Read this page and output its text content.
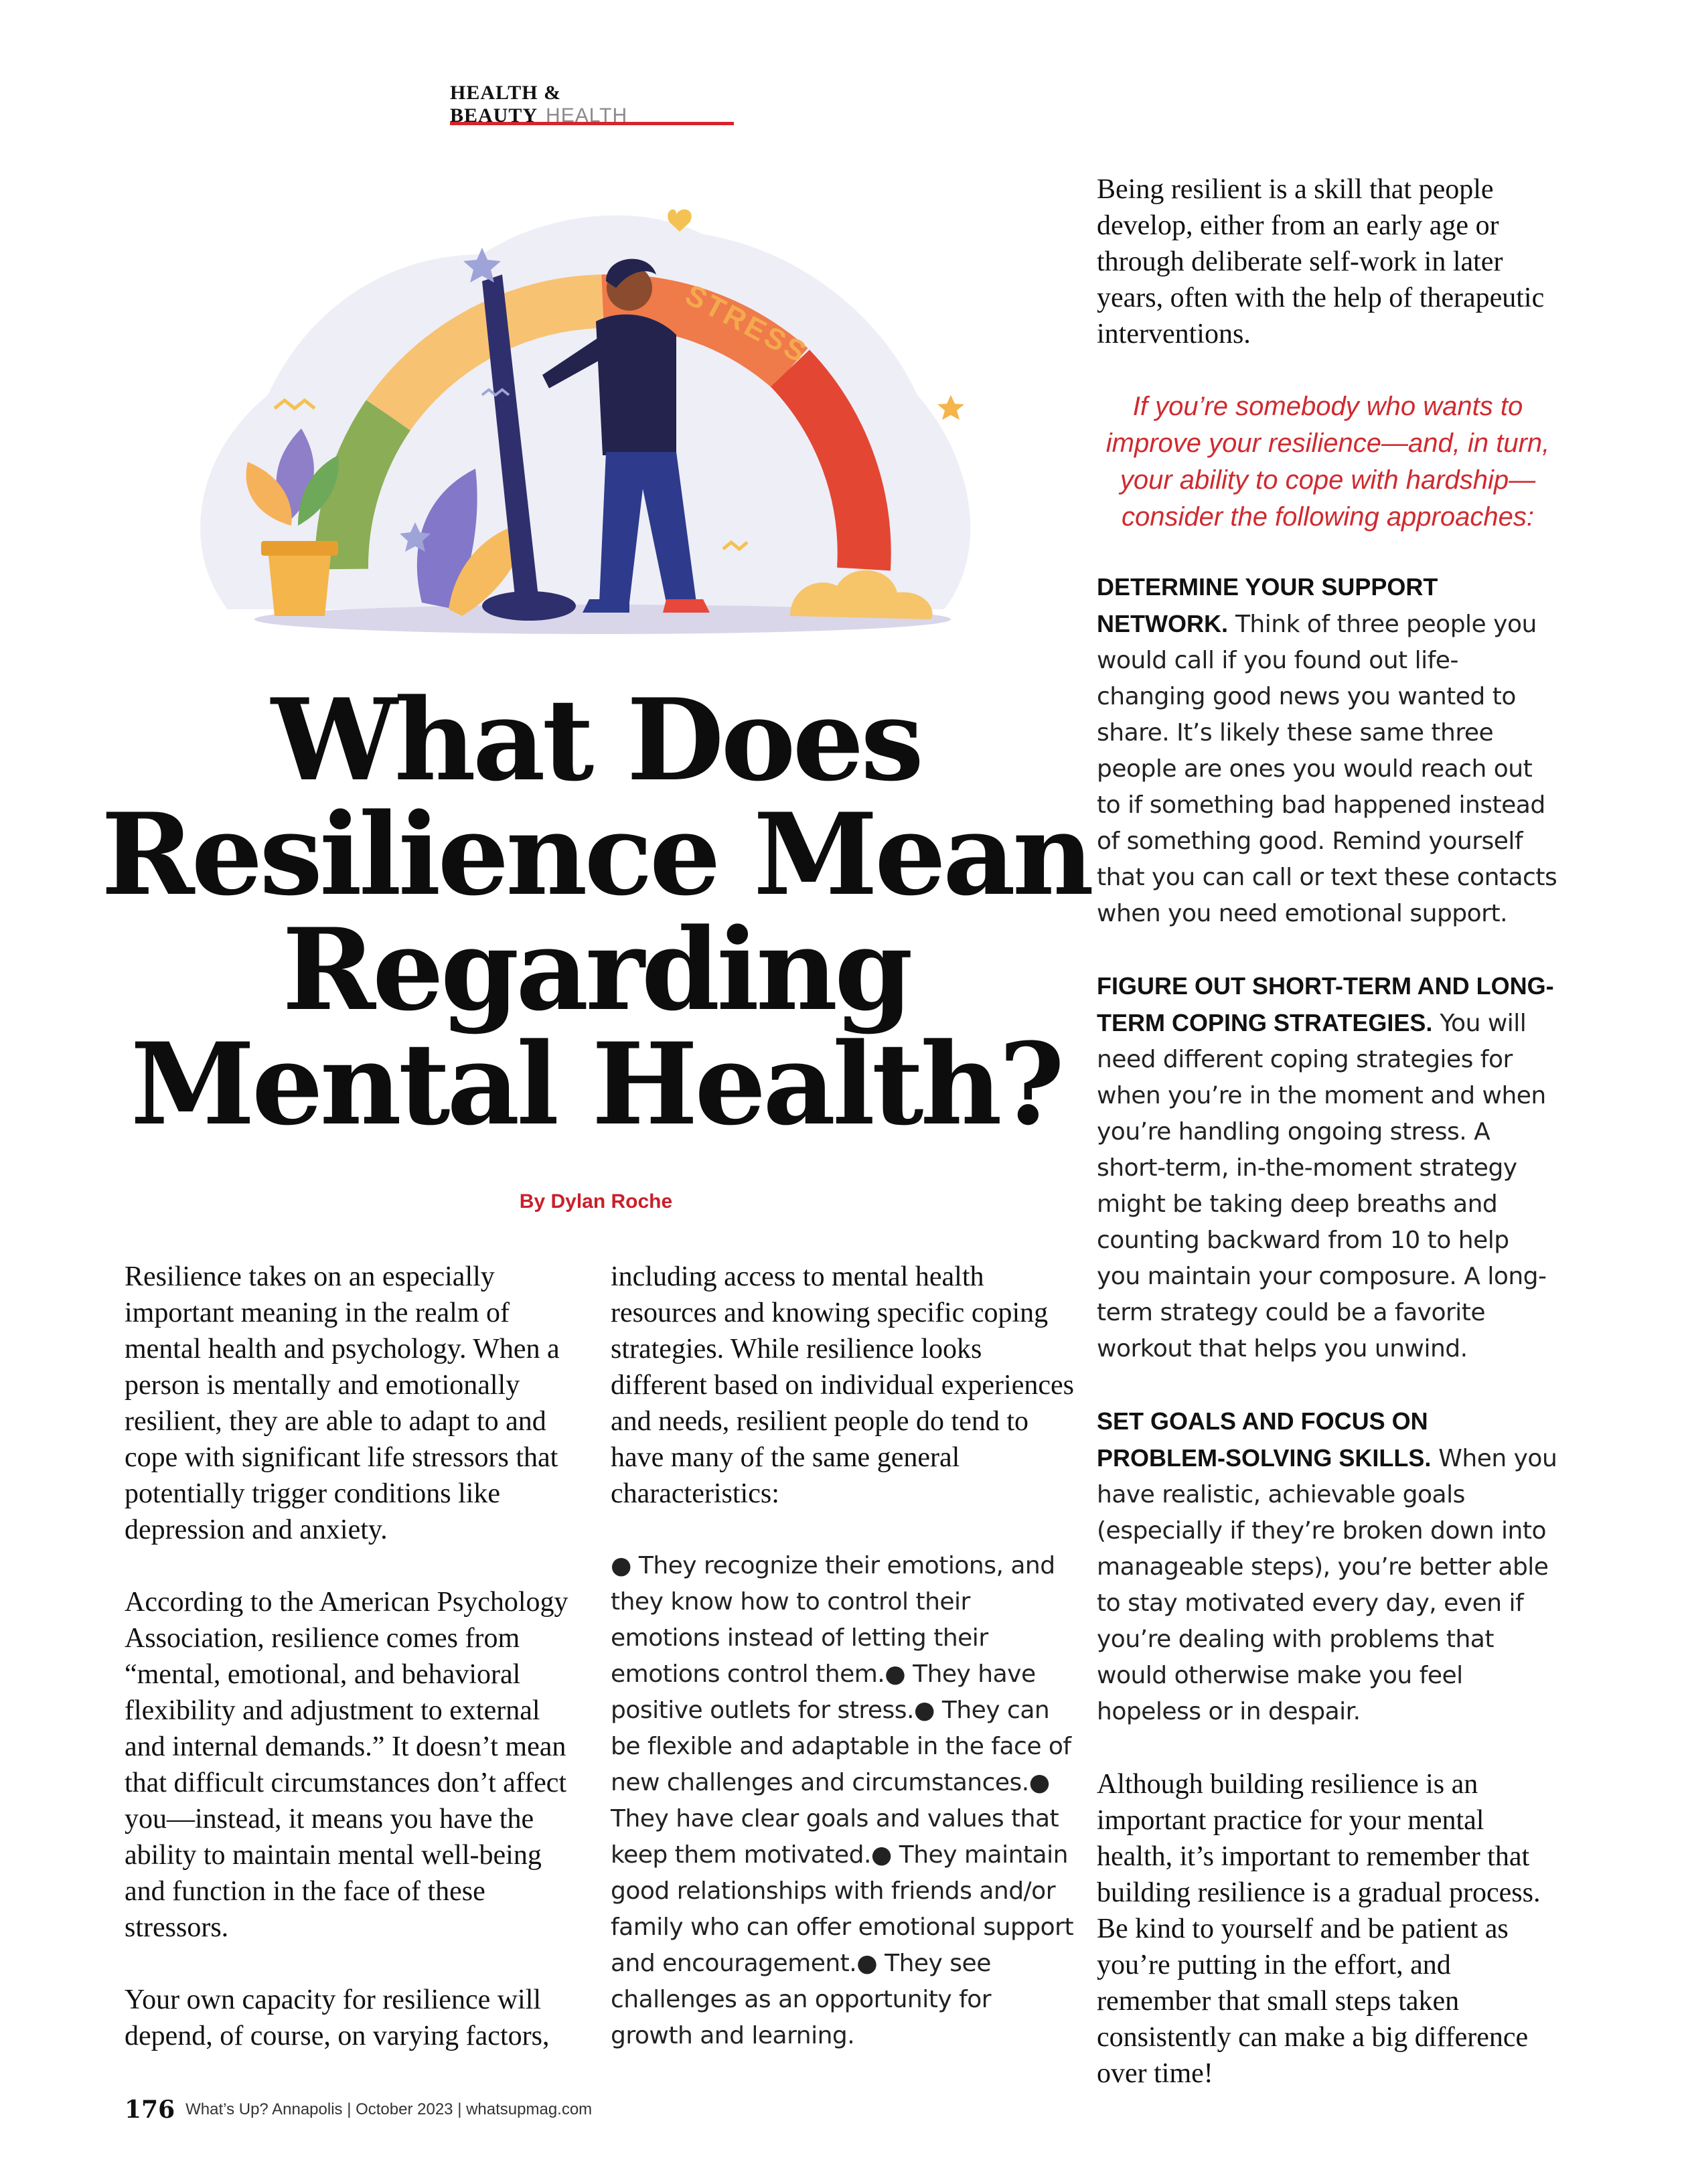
HEALTH & BEAUTY HEALTH
STRESS
What Does
Resilience Mean
Regarding
Mental Health?
By Dylan Roche

Resilience takes on an especially important meaning in the realm of mental health and psychology. When a person is mentally and emotionally resilient, they are able to adapt to and cope with significant life stressors that potentially trigger conditions like depression and anxiety.

According to the American Psychology Association, resilience comes from “mental, emotional, and behavioral flexibility and adjustment to external and internal demands.” It doesn’t mean that difficult circumstances don’t affect you—instead, it means you have the ability to maintain mental well-being and function in the face of these stressors.

Your own capacity for resilience will depend, of course, on varying factors,

including access to mental health resources and knowing specific coping strategies. While resilience looks different based on individual experiences and needs, resilient people do tend to have many of the same general characteristics:

● They recognize their emotions, and they know how to control their emotions instead of letting their emotions control them.● They have positive outlets for stress.● They can be flexible and adaptable in the face of new challenges and circumstances.● They have clear goals and values that keep them motivated.● They maintain good relationships with friends and/or family who can offer emotional support and encouragement.● They see challenges as an opportunity for growth and learning.

Being resilient is a skill that people develop, either from an early age or through deliberate self-work in later years, often with the help of therapeutic interventions.

If you’re somebody who wants to improve your resilience—and, in turn, your ability to cope with hardship—consider the following approaches:

DETERMINE YOUR SUPPORT NETWORK. Think of three people you would call if you found out life-changing good news you wanted to share. It’s likely these same three people are ones you would reach out to if something bad happened instead of something good. Remind yourself that you can call or text these contacts when you need emotional support.

FIGURE OUT SHORT-TERM AND LONG-TERM COPING STRATEGIES. You will need different coping strategies for when you’re in the moment and when you’re handling ongoing stress. A short-term, in-the-moment strategy might be taking deep breaths and counting backward from 10 to help you maintain your composure. A long-term strategy could be a favorite workout that helps you unwind.

SET GOALS AND FOCUS ON PROBLEM-SOLVING SKILLS. When you have realistic, achievable goals (especially if they’re broken down into manageable steps), you’re better able to stay motivated every day, even if you’re dealing with problems that would otherwise make you feel hopeless or in despair.

Although building resilience is an important practice for your mental health, it’s important to remember that building resilience is a gradual process. Be kind to yourself and be patient as you’re putting in the effort, and remember that small steps taken consistently can make a big difference over time!

176 What’s Up? Annapolis | October 2023 | whatsupmag.com
